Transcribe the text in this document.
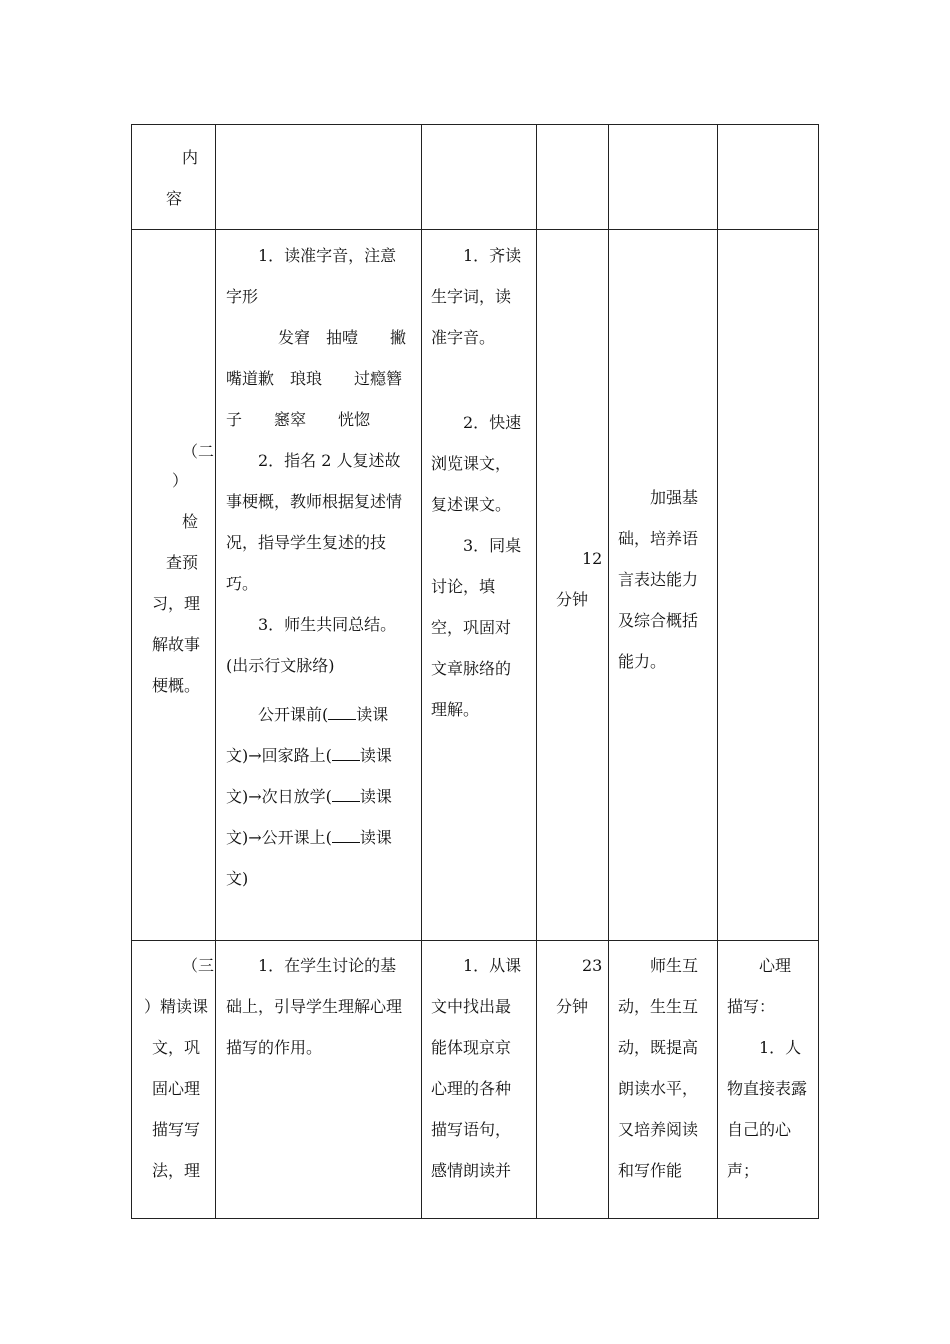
内

容

（二

）

检

查预

习，理

解故事

梗概。

1．读准字音，注意

字形

发窘　抽噎　　撇

嘴道歉　琅琅　　过瘾簪

子　　窸窣　　恍惚

2．指名 2 人复述故

事梗概，教师根据复述情

况，指导学生复述的技

巧。

3．师生共同总结。

(出示行文脉络)

公开课前( 读课

文)→回家路上( 读课

文)→次日放学( 读课

文)→公开课上( 读课

文)

1．齐读

生字词，读

准字音。

2．快速

浏览课文，

复述课文。

3．同桌

讨论，填

空，巩固对

文章脉络的

理解。

12

分钟

加强基

础，培养语

言表达能力

及综合概括

能力。

（三

）精读课

文，巩

固心理

描写写

法，理

1．在学生讨论的基

础上，引导学生理解心理

描写的作用。

1．从课

文中找出最

能体现京京

心理的各种

描写语句，

感情朗读并

23

分钟

师生互

动，生生互

动，既提高

朗读水平，

又培养阅读

和写作能

心理

描写：

1．人

物直接表露

自己的心

声；
